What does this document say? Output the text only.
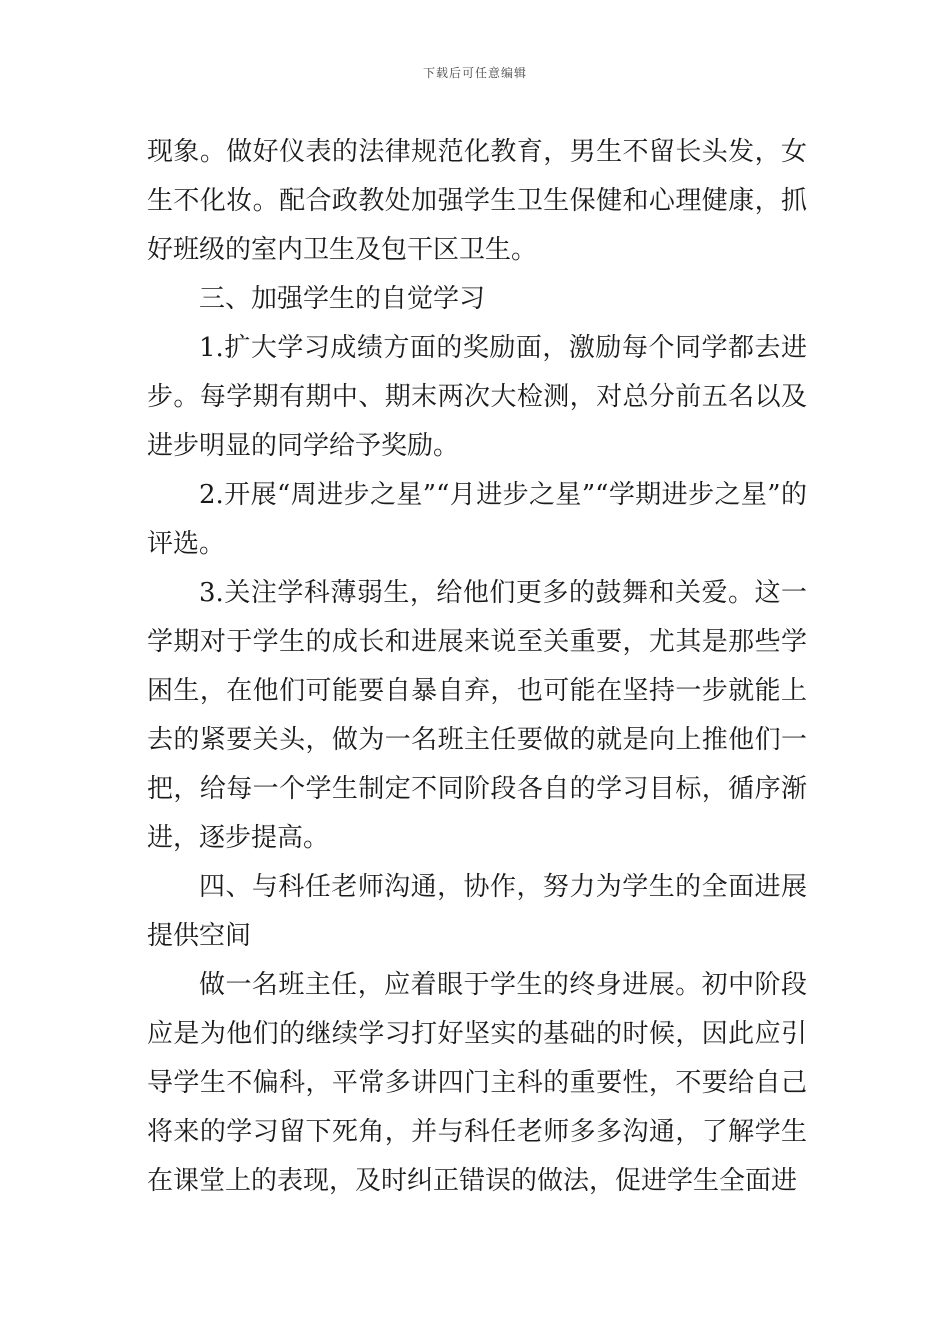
下载后可任意编辑

现象。做好仪表的法律规范化教育，男生不留长头发，女生不化妆。配合政教处加强学生卫生保健和心理健康，抓好班级的室内卫生及包干区卫生。

三、加强学生的自觉学习

1.扩大学习成绩方面的奖励面，激励每个同学都去进步。每学期有期中、期末两次大检测，对总分前五名以及进步明显的同学给予奖励。

2.开展“周进步之星”“月进步之星”“学期进步之星”的评选。

3.关注学科薄弱生，给他们更多的鼓舞和关爱。这一学期对于学生的成长和进展来说至关重要，尤其是那些学困生，在他们可能要自暴自弃，也可能在坚持一步就能上去的紧要关头，做为一名班主任要做的就是向上推他们一把，给每一个学生制定不同阶段各自的学习目标，循序渐进，逐步提高。

四、与科任老师沟通，协作，努力为学生的全面进展提供空间

做一名班主任，应着眼于学生的终身进展。初中阶段应是为他们的继续学习打好坚实的基础的时候，因此应引导学生不偏科，平常多讲四门主科的重要性，不要给自己将来的学习留下死角，并与科任老师多多沟通，了解学生在课堂上的表现，及时纠正错误的做法，促进学生全面进
